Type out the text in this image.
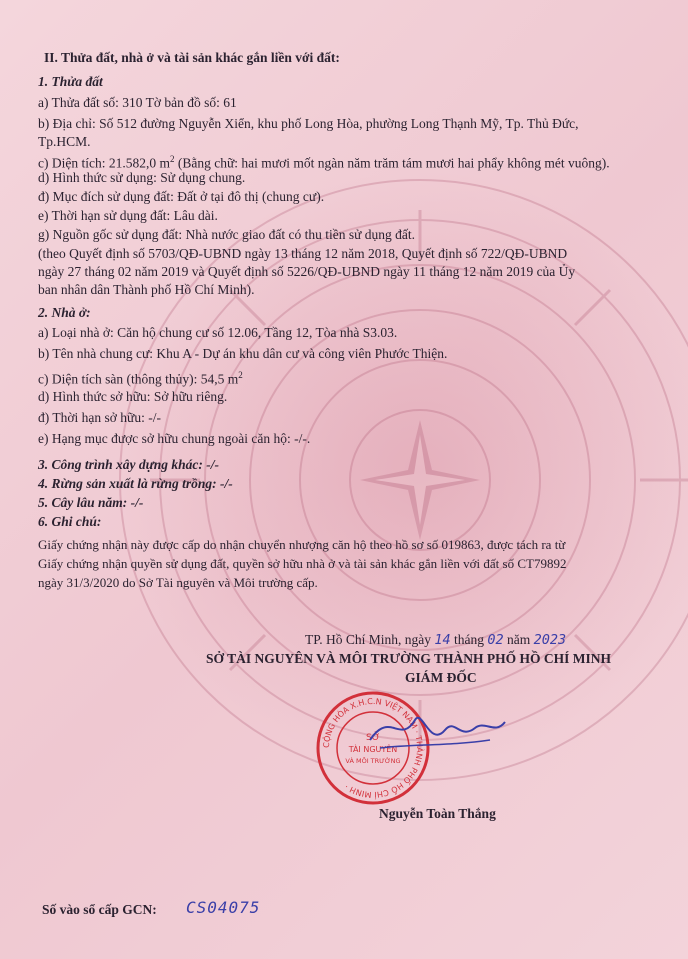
II. Thửa đất, nhà ở và tài sản khác gắn liền với đất:
1. Thửa đất
a) Thửa đất số: 310 Tờ bản đồ số: 61
b) Địa chỉ: Số 512 đường Nguyễn Xiển, khu phố Long Hòa, phường Long Thạnh Mỹ, Tp. Thủ Đức,
Tp.HCM.
c) Diện tích: 21.582,0 $m^2$ (Bằng chữ: hai mươi mốt ngàn năm trăm tám mươi hai phẩy không mét vuông).
d) Hình thức sử dụng: Sử dụng chung.
đ) Mục đích sử dụng đất: Đất ở tại đô thị (chung cư).
e) Thời hạn sử dụng đất: Lâu dài.
g) Nguồn gốc sử dụng đất: Nhà nước giao đất có thu tiền sử dụng đất.
(theo Quyết định số 5703/QĐ-UBND ngày 13 tháng 12 năm 2018, Quyết định số 722/QĐ-UBND
ngày 27 tháng 02 năm 2019 và Quyết định số 5226/QĐ-UBND ngày 11 tháng 12 năm 2019 của Ủy
ban nhân dân Thành phố Hồ Chí Minh).
2. Nhà ở:
a) Loại nhà ở: Căn hộ chung cư số 12.06, Tầng 12, Tòa nhà S3.03.
b) Tên nhà chung cư: Khu A - Dự án khu dân cư và công viên Phước Thiện.
c) Diện tích sàn (thông thủy): 54,5 $m^2$
d) Hình thức sở hữu: Sở hữu riêng.
đ) Thời hạn sở hữu: -/-
e) Hạng mục được sở hữu chung ngoài căn hộ: -/-.
3. Công trình xây dựng khác: -/-
4. Rừng sản xuất là rừng trồng: -/-
5. Cây lâu năm: -/-
6. Ghi chú:
Giấy chứng nhận này được cấp do nhận chuyển nhượng căn hộ theo hồ sơ số 019863, được tách ra từ
Giấy chứng nhận quyền sử dụng đất, quyền sở hữu nhà ở và tài sản khác gắn liền với đất số CT79892
ngày 31/3/2020 do Sở Tài nguyên và Môi trường cấp.
TP. Hồ Chí Minh, ngày 14 tháng 02 năm 2023
SỞ TÀI NGUYÊN VÀ MÔI TRƯỜNG THÀNH PHỐ HỒ CHÍ MINH
GIÁM ĐỐC
CỘNG HÒA X.H.C.N VIỆT NAM · THÀNH PHỐ HỒ CHÍ MINH ·
SỞ
TÀI NGUYÊN
VÀ MÔI TRƯỜNG
Nguyễn Toàn Thắng
Số vào sổ cấp GCN: CS04075
